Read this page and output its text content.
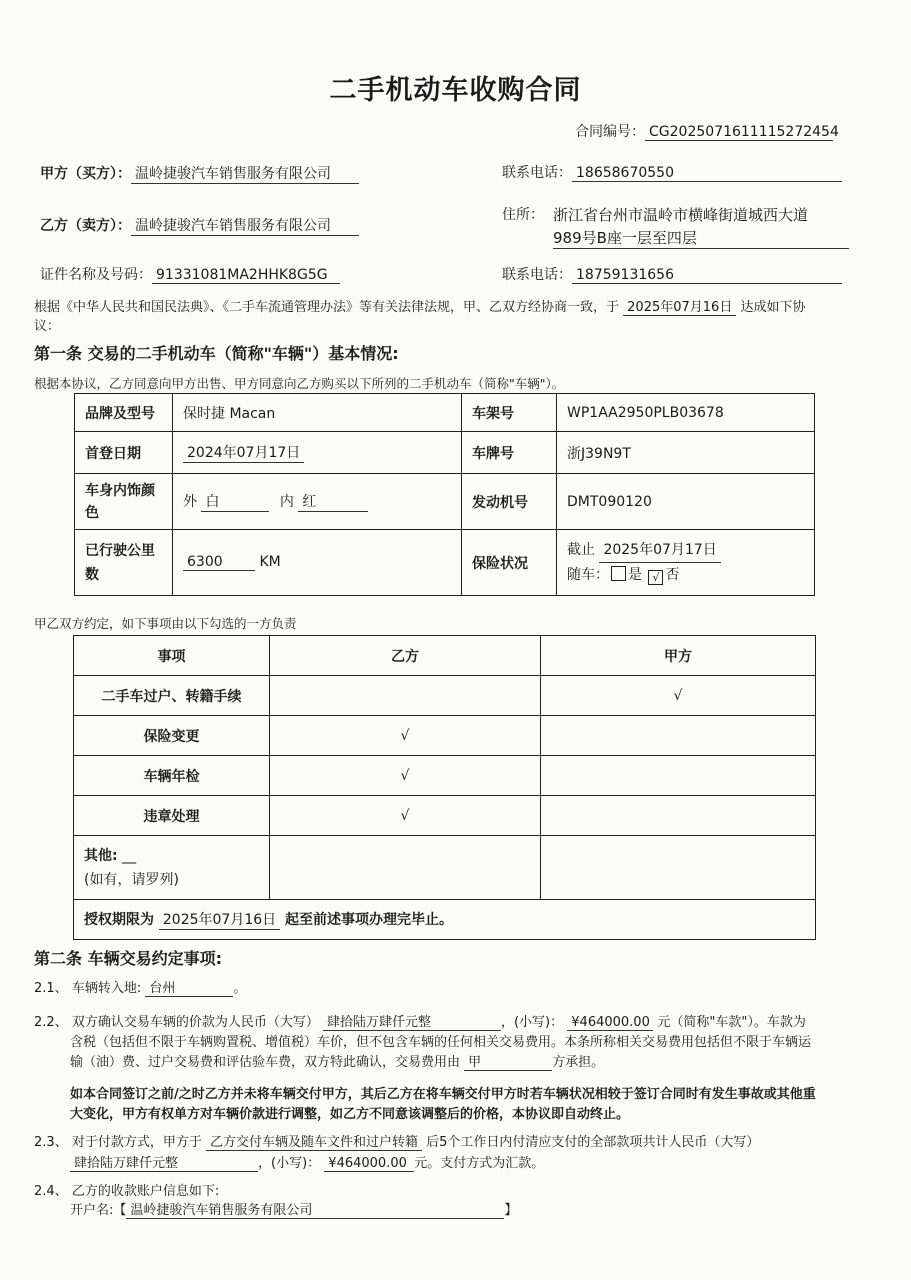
二手机动车收购合同
合同编号： CG2025071611115272454
甲方（买方）： 温岭捷骏汽车销售服务有限公司	联系电话： 18658670550
乙方（卖方）： 温岭捷骏汽车销售服务有限公司
住所： 浙江省台州市温岭市横峰街道城西大道
989号B座一层至四层
证件名称及号码： 91331081MA2HHK8G5G	联系电话： 18759131656
根据《中华人民共和国民法典》、《二手车流通管理办法》等有关法律法规，甲、乙双方经协商一致，于 2025年07月16日 达成如下协
议：
第一条 交易的二手机动车（简称"车辆"）基本情况:
根据本协议，乙方同意向甲方出售、甲方同意向乙方购买以下所列的二手机动车（简称"车辆"）。
品牌及型号	保时捷 Macan	车架号	WP1AA2950PLB03678
首登日期	2024年07月17日	车牌号	浙J39N9T
车身内饰颜
色	外 白 内 红	发动机号	DMT090120
已行驶公里
数	6300 KM	保险状况	截止 2025年07月17日
随车： 是 √ 否
甲乙双方约定，如下事项由以下勾选的一方负责
事项	乙方	甲方
二手车过户、转籍手续		√
保险变更	√	
车辆年检	√	
违章处理	√	
其他: __
(如有，请罗列)		
授权期限为 2025年07月16日 起至前述事项办理完毕止。		
第二条 车辆交易约定事项:
2.1、 车辆转入地: 台州	。
2.2、 双方确认交易车辆的价款为人民币（大写） 肆拾陆万肆仟元整	，(小写)： ¥464000.00 元（简称"车款"）。车款为
含税（包括但不限于车辆购置税、增值税）车价，但不包含车辆的任何相关交易费用。本条所称相关交易费用包括但不限于车辆运
输（油）费、过户交易费和评估验车费，双方特此确认，交易费用由 甲	方承担。
如本合同签订之前/之时乙方并未将车辆交付甲方，其后乙方在将车辆交付甲方时若车辆状况相较于签订合同时有发生事故或其他重
大变化，甲方有权单方对车辆价款进行调整，如乙方不同意该调整后的价格，本协议即自动终止。
2.3、 对于付款方式，甲方于 乙方交付车辆及随车文件和过户转籍 后5个工作日内付清应支付的全部款项共计人民币（大写）
肆拾陆万肆仟元整	，(小写)： ¥464000.00 元。支付方式为汇款。
2.4、 乙方的收款账户信息如下:
开户名:【 温岭捷骏汽车销售服务有限公司	】
